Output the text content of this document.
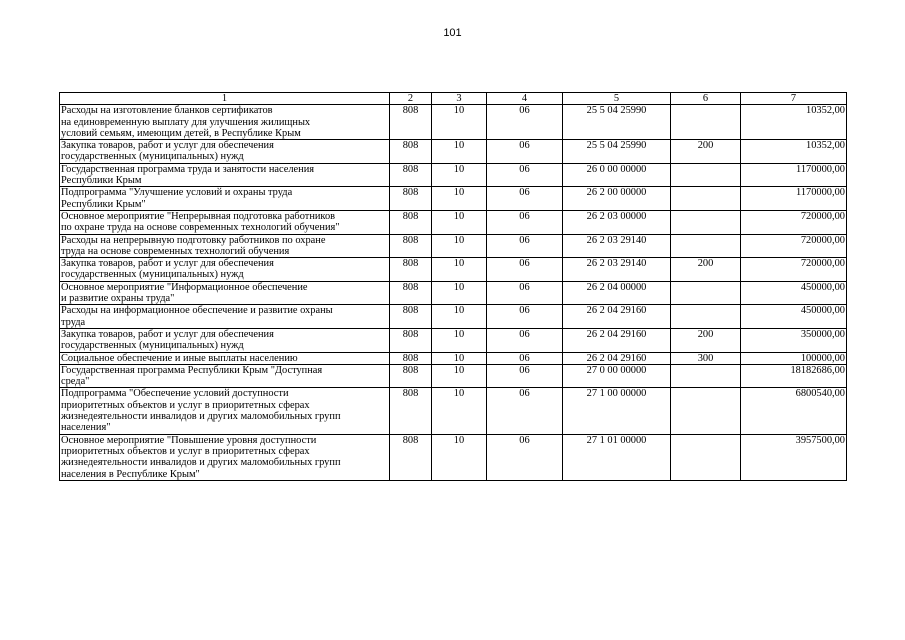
101
1	2	3	4	5	6	7
Расходы на изготовление бланков сертификатов
на единовременную выплату для улучшения жилищных
условий семьям, имеющим детей, в Республике Крым	808	10	06	25 5 04 25990		10352,00
Закупка товаров, работ и услуг для обеспечения
государственных (муниципальных) нужд	808	10	06	25 5 04 25990	200	10352,00
Государственная программа труда и занятости населения
Республики Крым	808	10	06	26 0 00 00000		1170000,00
Подпрограмма "Улучшение условий и охраны труда
Республики Крым"	808	10	06	26 2 00 00000		1170000,00
Основное мероприятие "Непрерывная подготовка работников
по охране труда на основе современных технологий обучения"	808	10	06	26 2 03 00000		720000,00
Расходы на непрерывную подготовку работников по охране
труда на основе современных технологий обучения	808	10	06	26 2 03 29140		720000,00
Закупка товаров, работ и услуг для обеспечения
государственных (муниципальных) нужд	808	10	06	26 2 03 29140	200	720000,00
Основное мероприятие "Информационное обеспечение
и развитие охраны труда"	808	10	06	26 2 04 00000		450000,00
Расходы на информационное обеспечение и развитие охраны
труда	808	10	06	26 2 04 29160		450000,00
Закупка товаров, работ и услуг для обеспечения
государственных (муниципальных) нужд	808	10	06	26 2 04 29160	200	350000,00
Социальное обеспечение и иные выплаты населению	808	10	06	26 2 04 29160	300	100000,00
Государственная программа Республики Крым "Доступная
среда"	808	10	06	27 0 00 00000		18182686,00
Подпрограмма "Обеспечение условий доступности
приоритетных объектов и услуг в приоритетных сферах
жизнедеятельности инвалидов и других маломобильных групп
населения"	808	10	06	27 1 00 00000		6800540,00
Основное мероприятие "Повышение уровня доступности
приоритетных объектов и услуг в приоритетных сферах
жизнедеятельности инвалидов и других маломобильных групп
населения в Республике Крым"	808	10	06	27 1 01 00000		3957500,00
